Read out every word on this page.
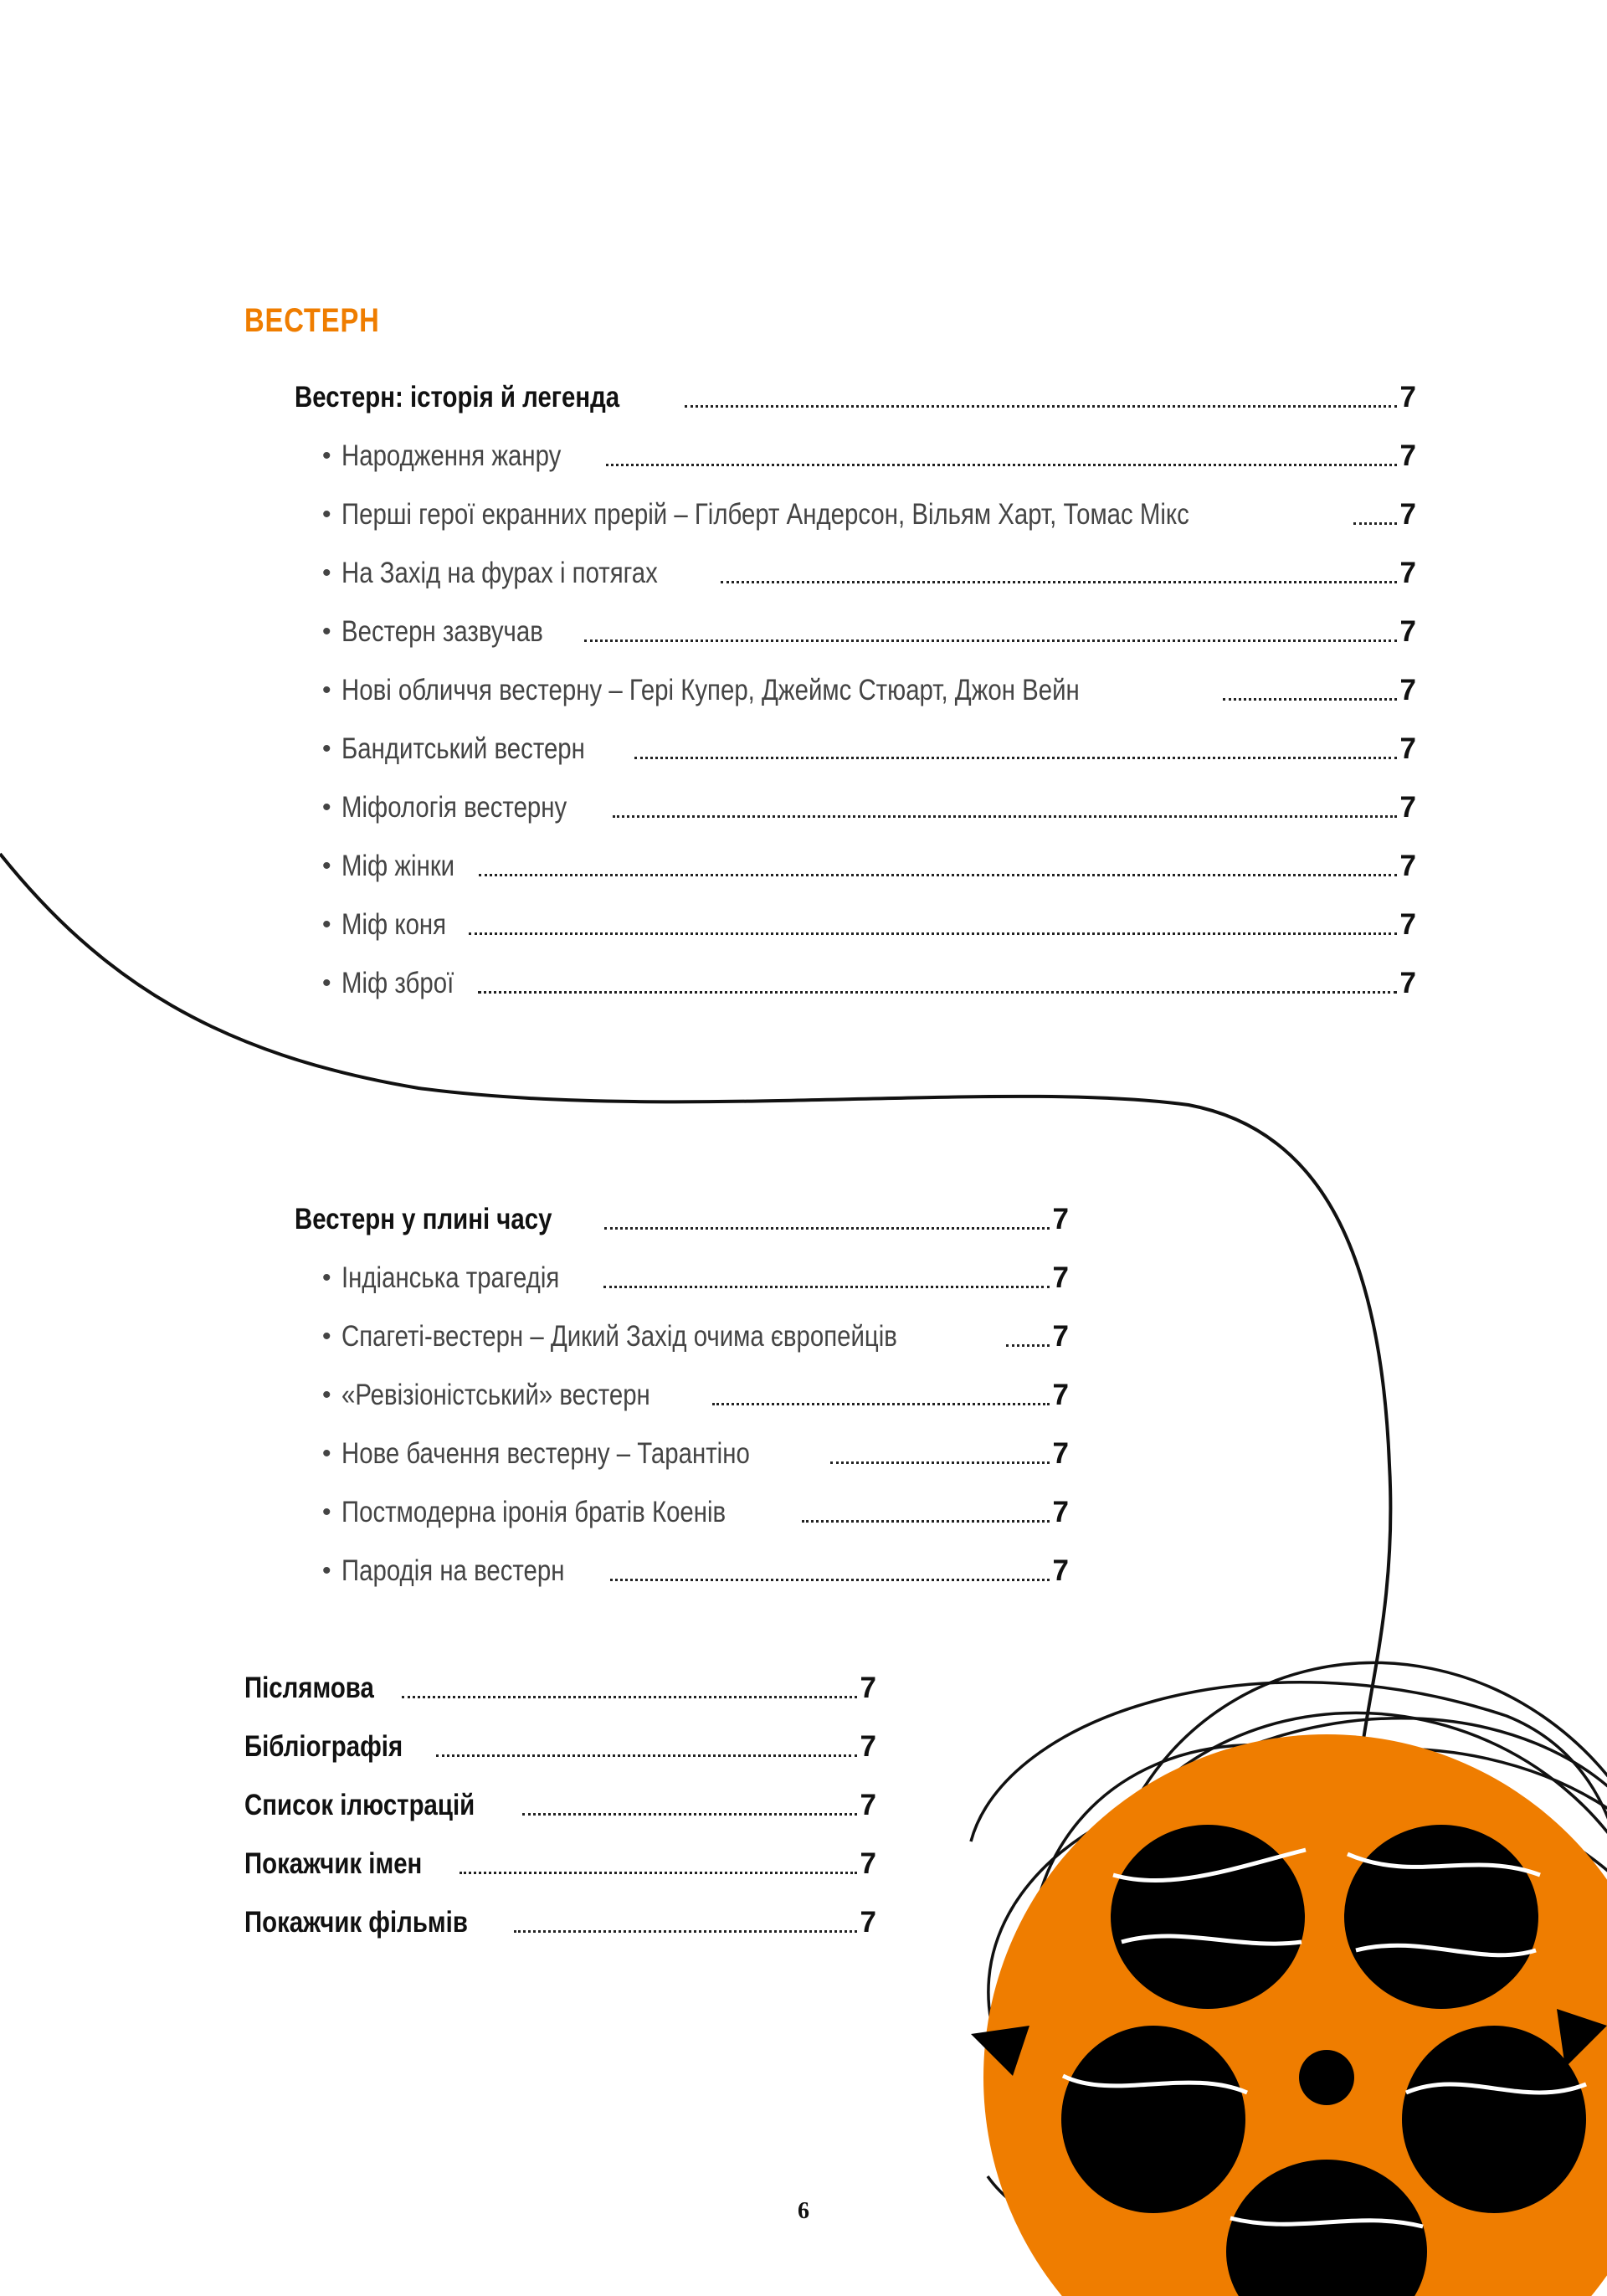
ВЕСТЕРН
Вестерн: історія й легенда	7
• Народження жанру	7
• Перші герої екранних прерій – Гілберт Андерсон, Вільям Харт, Томас Мікс	7
• На Захід на фурах і потягах	7
• Вестерн зазвучав	7
• Нові обличчя вестерну – Гері Купер, Джеймс Стюарт, Джон Вейн	7
• Бандитський вестерн	7
• Міфологія вестерну	7
• Міф жінки	7
• Міф коня	7
• Міф зброї	7
Вестерн у плині часу	7
• Індіанська трагедія	7
• Спагеті-вестерн – Дикий Захід очима європейців	7
• «Ревізіоністський» вестерн	7
• Нове бачення вестерну – Тарантіно	7
• Постмодерна іронія братів Коенів	7
• Пародія на вестерн	7
Післямова	7
Бібліографія	7
Список ілюстрацій	7
Покажчик імен	7
Покажчик фільмів	7
6
